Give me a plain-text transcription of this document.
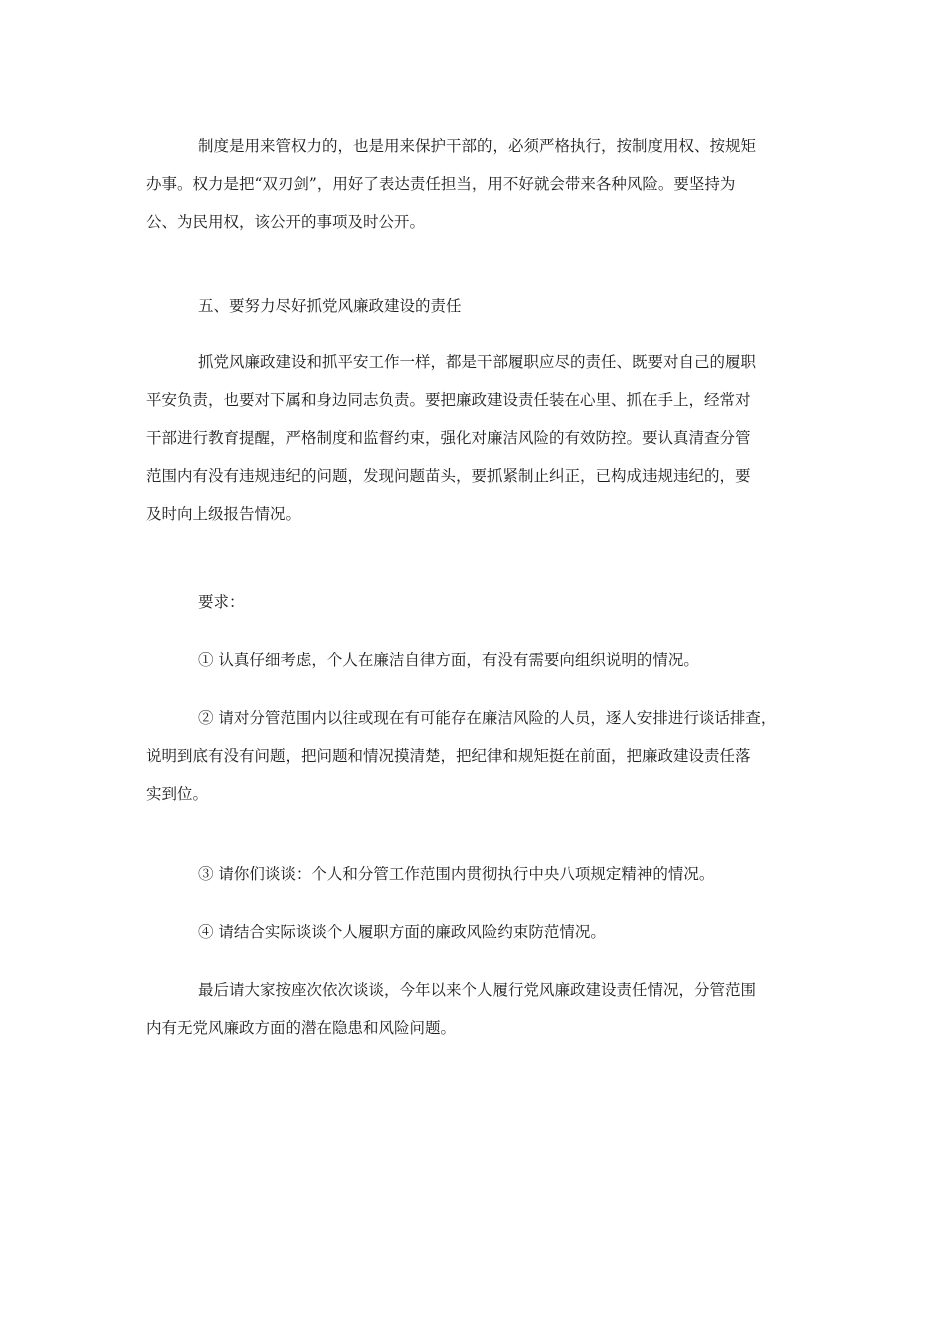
制度是用来管权力的，也是用来保护干部的，必须严格执行，按制度用权、按规矩
办事。权力是把“双刃剑”，用好了表达责任担当，用不好就会带来各种风险。要坚持为
公、为民用权，该公开的事项及时公开。
五、要努力尽好抓党风廉政建设的责任
抓党风廉政建设和抓平安工作一样，都是干部履职应尽的责任、既要对自己的履职
平安负责，也要对下属和身边同志负责。要把廉政建设责任装在心里、抓在手上，经常对
干部进行教育提醒，严格制度和监督约束，强化对廉洁风险的有效防控。要认真清查分管
范围内有没有违规违纪的问题，发现问题苗头，要抓紧制止纠正，已构成违规违纪的，要
及时向上级报告情况。
要求：
① 认真仔细考虑，个人在廉洁自律方面，有没有需要向组织说明的情况。
② 请对分管范围内以往或现在有可能存在廉洁风险的人员，逐人安排进行谈话排查，
说明到底有没有问题，把问题和情况摸清楚，把纪律和规矩挺在前面，把廉政建设责任落
实到位。
③ 请你们谈谈：个人和分管工作范围内贯彻执行中央八项规定精神的情况。
④ 请结合实际谈谈个人履职方面的廉政风险约束防范情况。
最后请大家按座次依次谈谈，今年以来个人履行党风廉政建设责任情况，分管范围
内有无党风廉政方面的潜在隐患和风险问题。
